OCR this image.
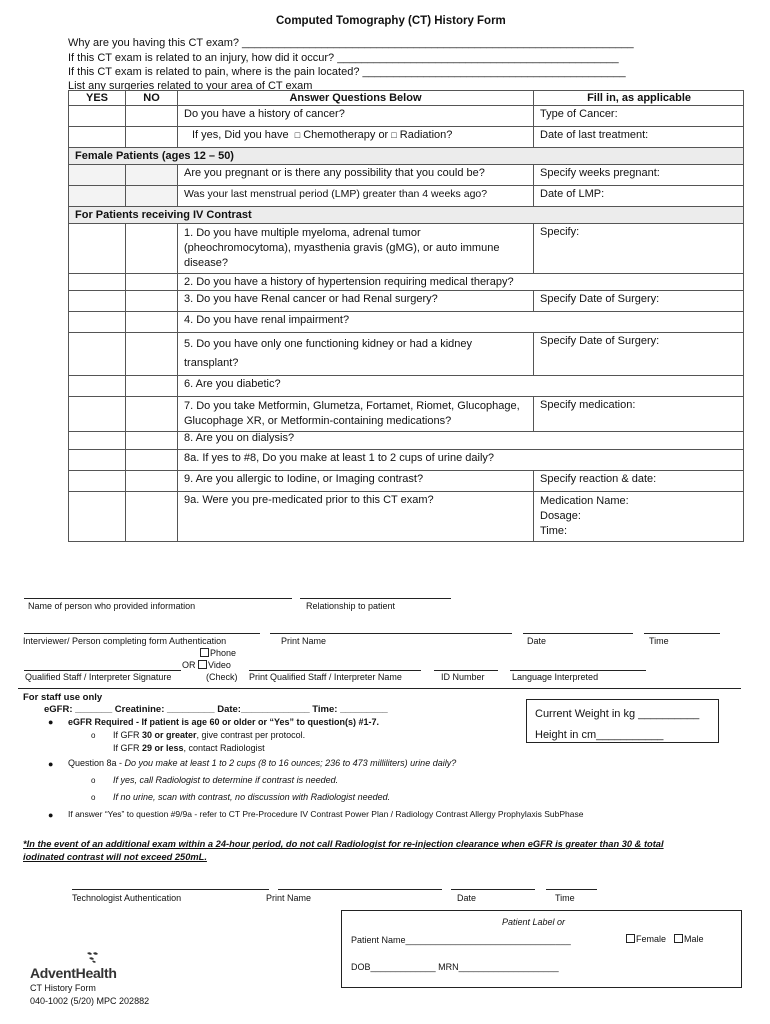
Computed Tomography (CT) History Form
Why are you having this CT exam? ________________________________________________________________
If this CT exam is related to an injury, how did it occur? ______________________________________________
If this CT exam is related to pain, where is the pain located? ___________________________________________
List any surgeries related to your area of CT exam___________________________________________________
YES	NO	Answer Questions Below	Fill in, as applicable
		Do you have a history of cancer?	Type of Cancer:
		If yes, Did you have □ Chemotherapy or □ Radiation?	Date of last treatment:
Female Patients (ages 12 – 50)			
		Are you pregnant or is there any possibility that you could be?	Specify weeks pregnant:
		Was your last menstrual period (LMP) greater than 4 weeks ago?	Date of LMP:
For Patients receiving IV Contrast			
		1. Do you have multiple myeloma, adrenal tumor (pheochromocytoma), myasthenia gravis (gMG), or auto immune disease?	Specify:
		2. Do you have a history of hypertension requiring medical therapy?	
		3. Do you have Renal cancer or had Renal surgery?	Specify Date of Surgery:
		4. Do you have renal impairment?	
		5. Do you have only one functioning kidney or had a kidney transplant?	Specify Date of Surgery:
		6. Are you diabetic?	
		7. Do you take Metformin, Glumetza, Fortamet, Riomet, Glucophage, Glucophage XR, or Metformin-containing medications?	Specify medication:
		8. Are you on dialysis?	
		8a. If yes to #8, Do you make at least 1 to 2 cups of urine daily?	
		9. Are you allergic to Iodine, or Imaging contrast?	Specify reaction & date:
		9a. Were you pre-medicated prior to this CT exam?	Medication Name:
Dosage:
Time:
Name of person who provided information	Relationship to patient
Interviewer/ Person completing form Authentication	Print Name	Date	Time
Phone
OR Video
Qualified Staff / Interpreter Signature	(Check) Print Qualified Staff / Interpreter Name	ID Number	Language Interpreted
For staff use only
eGFR: _______ Creatinine: _________ Date:_____________ Time: _________
● eGFR Required - If patient is age 60 or older or “Yes” to question(s) #1-7.
o If GFR 30 or greater, give contrast per protocol.
If GFR 29 or less, contact Radiologist
● Question 8a - Do you make at least 1 to 2 cups (8 to 16 ounces; 236 to 473 milliliters) urine daily?
o If yes, call Radiologist to determine if contrast is needed.
o If no urine, scan with contrast, no discussion with Radiologist needed.
● If answer “Yes” to question #9/9a - refer to CT Pre-Procedure IV Contrast Power Plan / Radiology Contrast Allergy Prophylaxis SubPhase
Current Weight in kg __________
Height in cm___________
*In the event of an additional exam within a 24-hour period, do not call Radiologist for re-injection clearance when eGFR is greater than 30 & total
iodinated contrast will not exceed 250mL.
Technologist Authentication	Print Name	Date	Time
Patient Label or
Patient Name_________________________________	Female	Male
DOB_____________ MRN____________________
AdventHealth
CT History Form
040-1002 (5/20) MPC 202882
